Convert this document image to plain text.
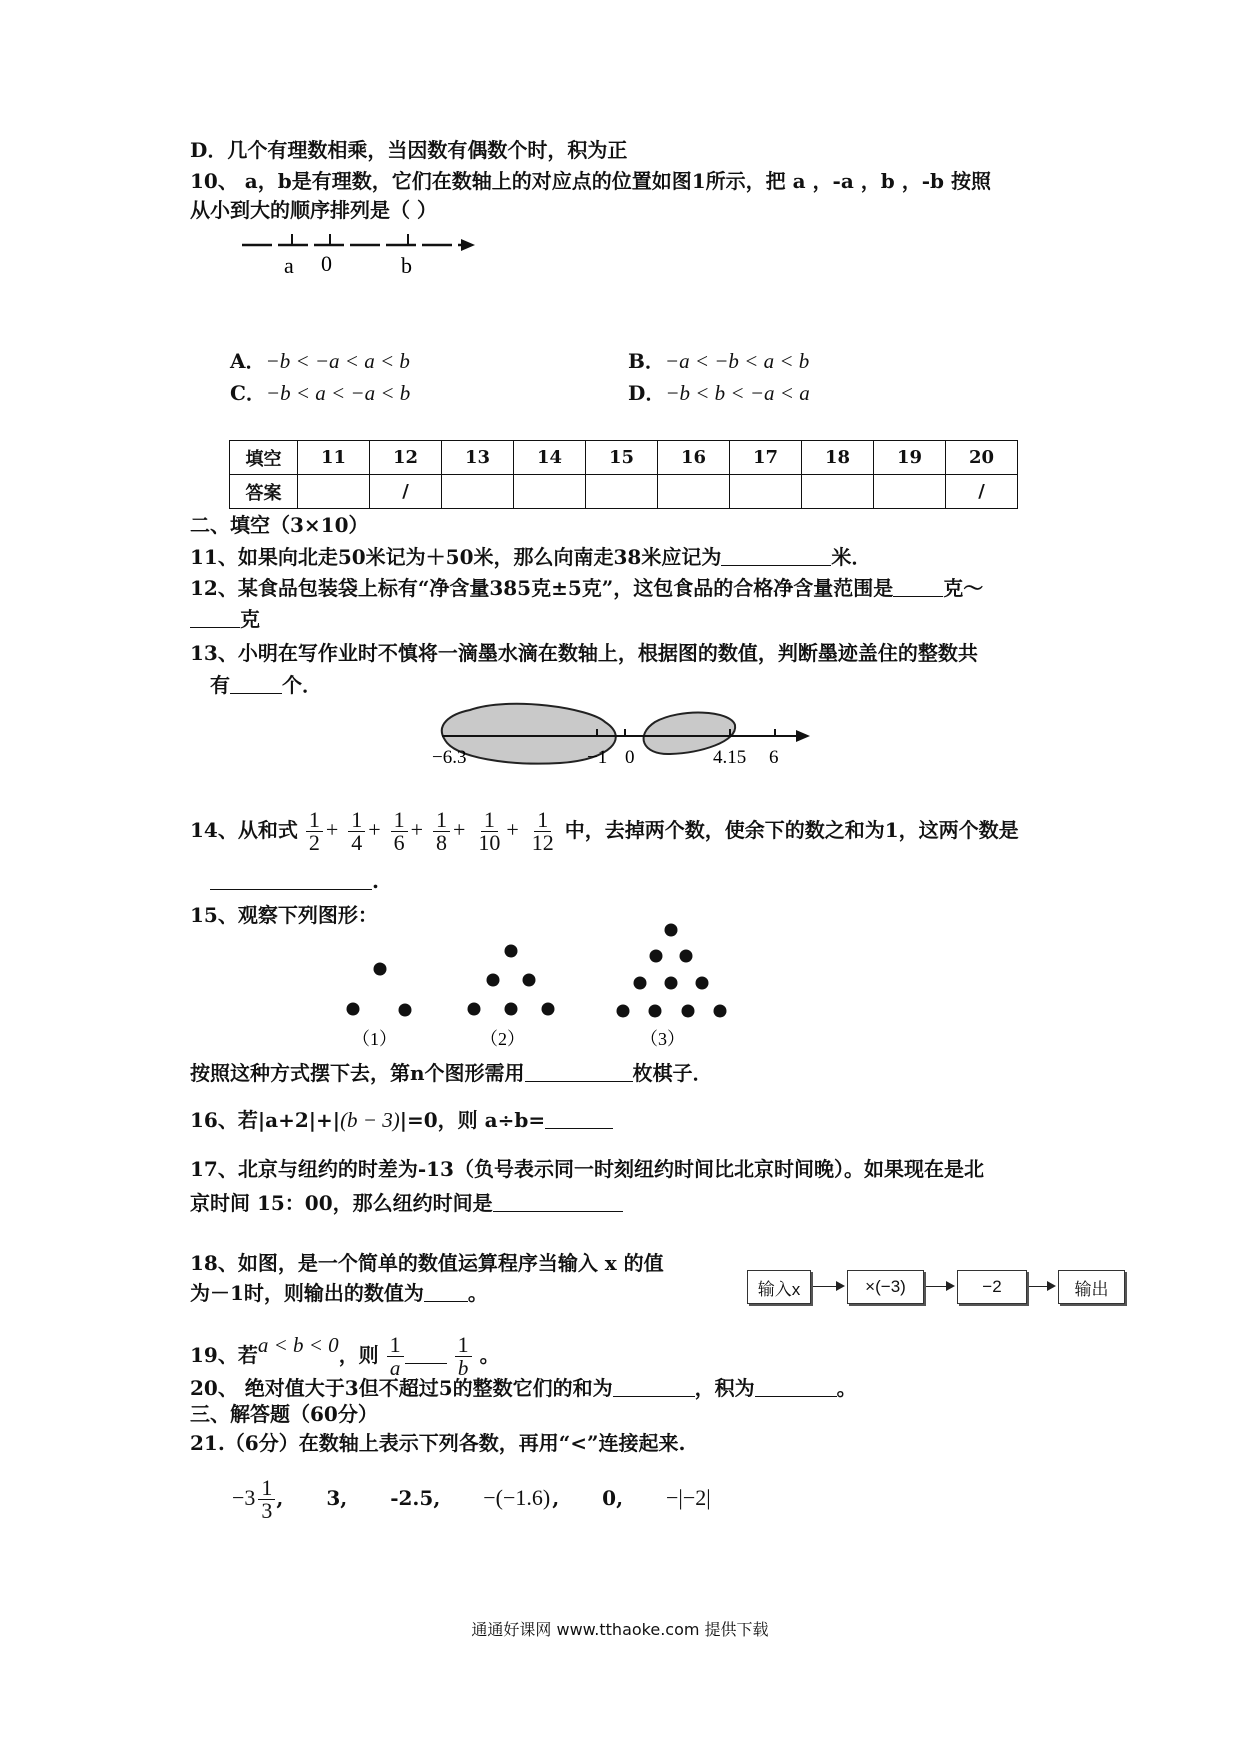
D．几个有理数相乘，当因数有偶数个时，积为正
10、 a，b是有理数，它们在数轴上的对应点的位置如图1所示，把 a ，-a ，b ，-b 按照
从小到大的顺序排列是（ ）
a 0	b
A．−b < −a < a < b	B．−a < −b < a < b
C．−b < a < −a < b	D．−b < b < −a < a
填空	11	12	13	14	15	16	17	18	19	20
答案		/								/
二、填空（3×10）
11、如果向北走50米记为＋50米，那么向南走38米应记为	米．
12、某食品包装袋上标有“净含量385克±5克”，这包食品的合格净含量范围是	克～
克
13、小明在写作业时不慎将一滴墨水滴在数轴上，根据图的数值，判断墨迹盖住的整数共
有	个．
−6.3	−1 0	4.15 6
14、从和式 $\frac{1}{2} + \frac{1}{4} + \frac{1}{6} + \frac{1}{8} + \frac{1}{10} + \frac{1}{12}$ 中，去掉两个数，使余下的数之和为1，这两个数是
.
15、观察下列图形：
（1）	（2）	（3）
按照这种方式摆下去，第n个图形需用	枚棋子．
16、若|a+2|+|(b − 3)|=0，则 a÷b=
17、北京与纽约的时差为-13（负号表示同一时刻纽约时间比北京时间晚）。如果现在是北
京时间 15：00，那么纽约时间是
18、如图，是一个简单的数值运算程序当输入 x 的值
为－1时，则输出的数值为 。	输入x	×(−3)	−2	输出
19、若a < b < 0，则 $\frac{1}{a}$
$\frac{1}{b}$ 。
20、 绝对值大于3但不超过5的整数它们的和为	，积为	。
三、解答题（60分）
21.（6分）在数轴上表示下列各数，再用“<”连接起来.
$-3 \frac{1}{3}$ , 3, -2.5, −(−1.6) , 0, −|−2|
通通好课网 www.tthaoke.com 提供下载
